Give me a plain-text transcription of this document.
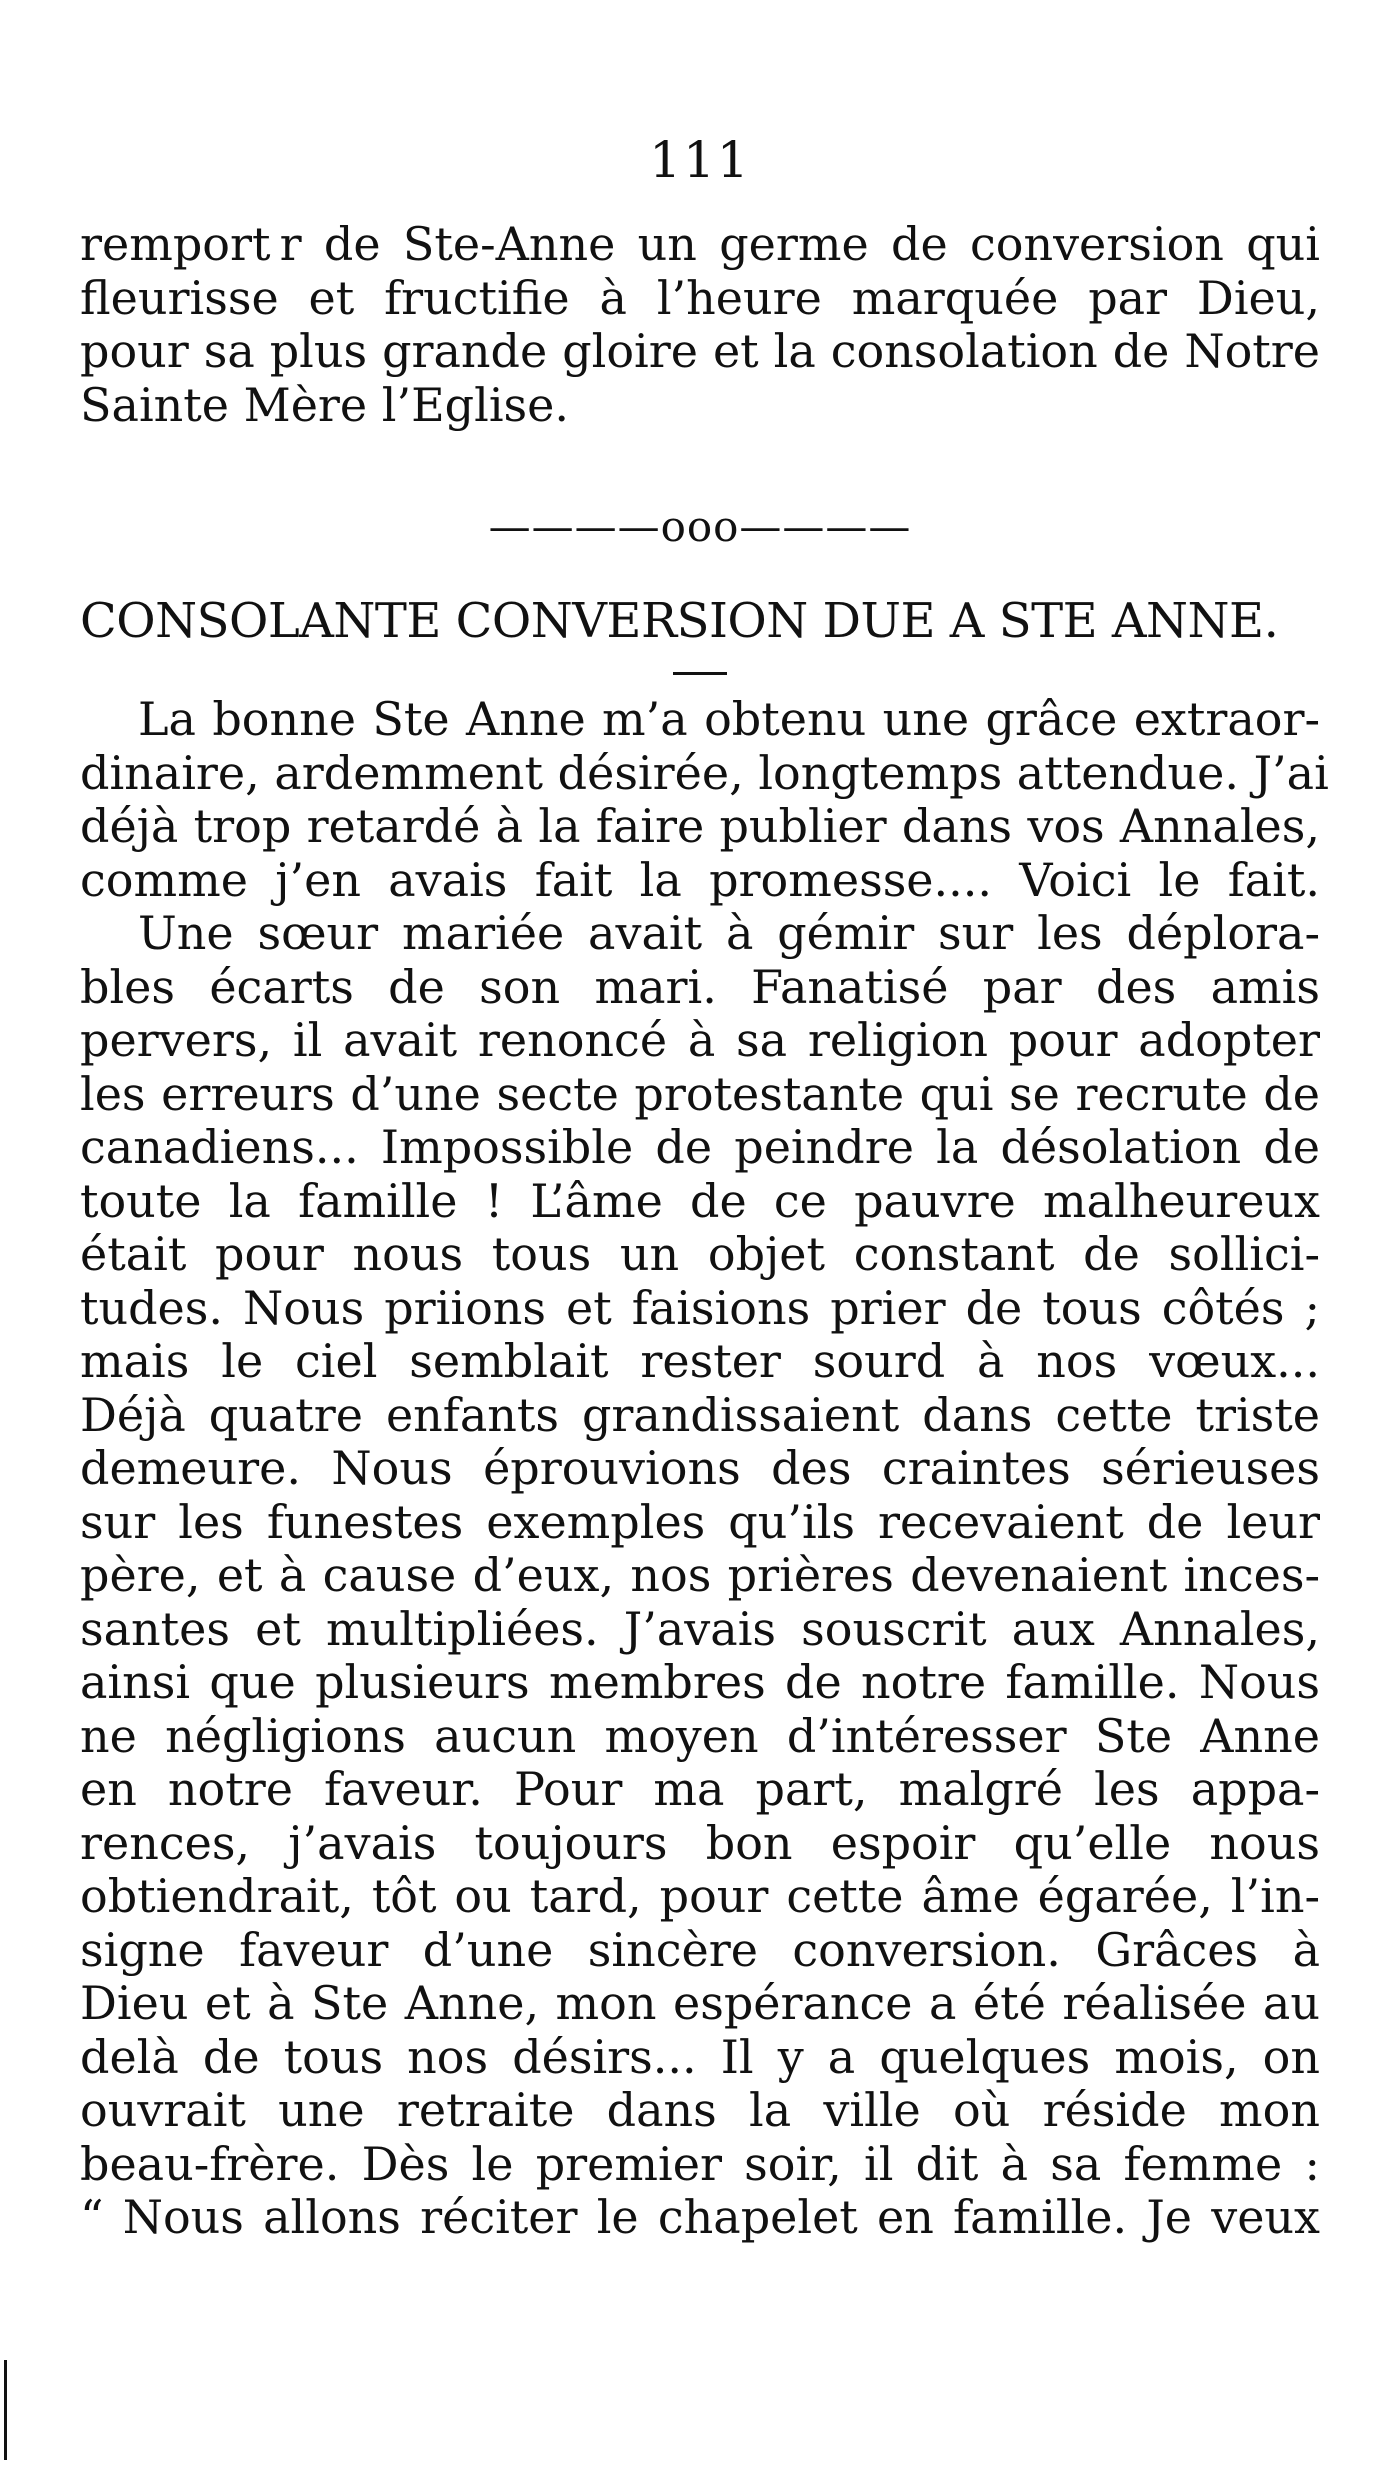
111
remport r de Ste-Anne un germe de conversion qui
fleurisse et fructifie à l’heure marquée par Dieu,
pour sa plus grande gloire et la consolation de Notre
Sainte Mère l’Eglise.
————ooo————
CONSOLANTE CONVERSION DUE A STE ANNE.
La bonne Ste Anne m’a obtenu une grâce extraor-
dinaire, ardemment désirée, longtemps attendue. J’ai
déjà trop retardé à la faire publier dans vos Annales,
comme j’en avais fait la promesse.... Voici le fait.
Une sœur mariée avait à gémir sur les déplora-
bles écarts de son mari. Fanatisé par des amis
pervers, il avait renoncé à sa religion pour adopter
les erreurs d’une secte protestante qui se recrute de
canadiens... Impossible de peindre la désolation de
toute la famille ! L’âme de ce pauvre malheureux
était pour nous tous un objet constant de sollici-
tudes. Nous priions et faisions prier de tous côtés ;
mais le ciel semblait rester sourd à nos vœux...
Déjà quatre enfants grandissaient dans cette triste
demeure. Nous éprouvions des craintes sérieuses
sur les funestes exemples qu’ils recevaient de leur
père, et à cause d’eux, nos prières devenaient inces-
santes et multipliées. J’avais souscrit aux Annales,
ainsi que plusieurs membres de notre famille. Nous
ne négligions aucun moyen d’intéresser Ste Anne
en notre faveur. Pour ma part, malgré les appa-
rences, j’avais toujours bon espoir qu’elle nous
obtiendrait, tôt ou tard, pour cette âme égarée, l’in-
signe faveur d’une sincère conversion. Grâces à
Dieu et à Ste Anne, mon espérance a été réalisée au
delà de tous nos désirs... Il y a quelques mois, on
ouvrait une retraite dans la ville où réside mon
beau-frère. Dès le premier soir, il dit à sa femme :
“ Nous allons réciter le chapelet en famille. Je veux
